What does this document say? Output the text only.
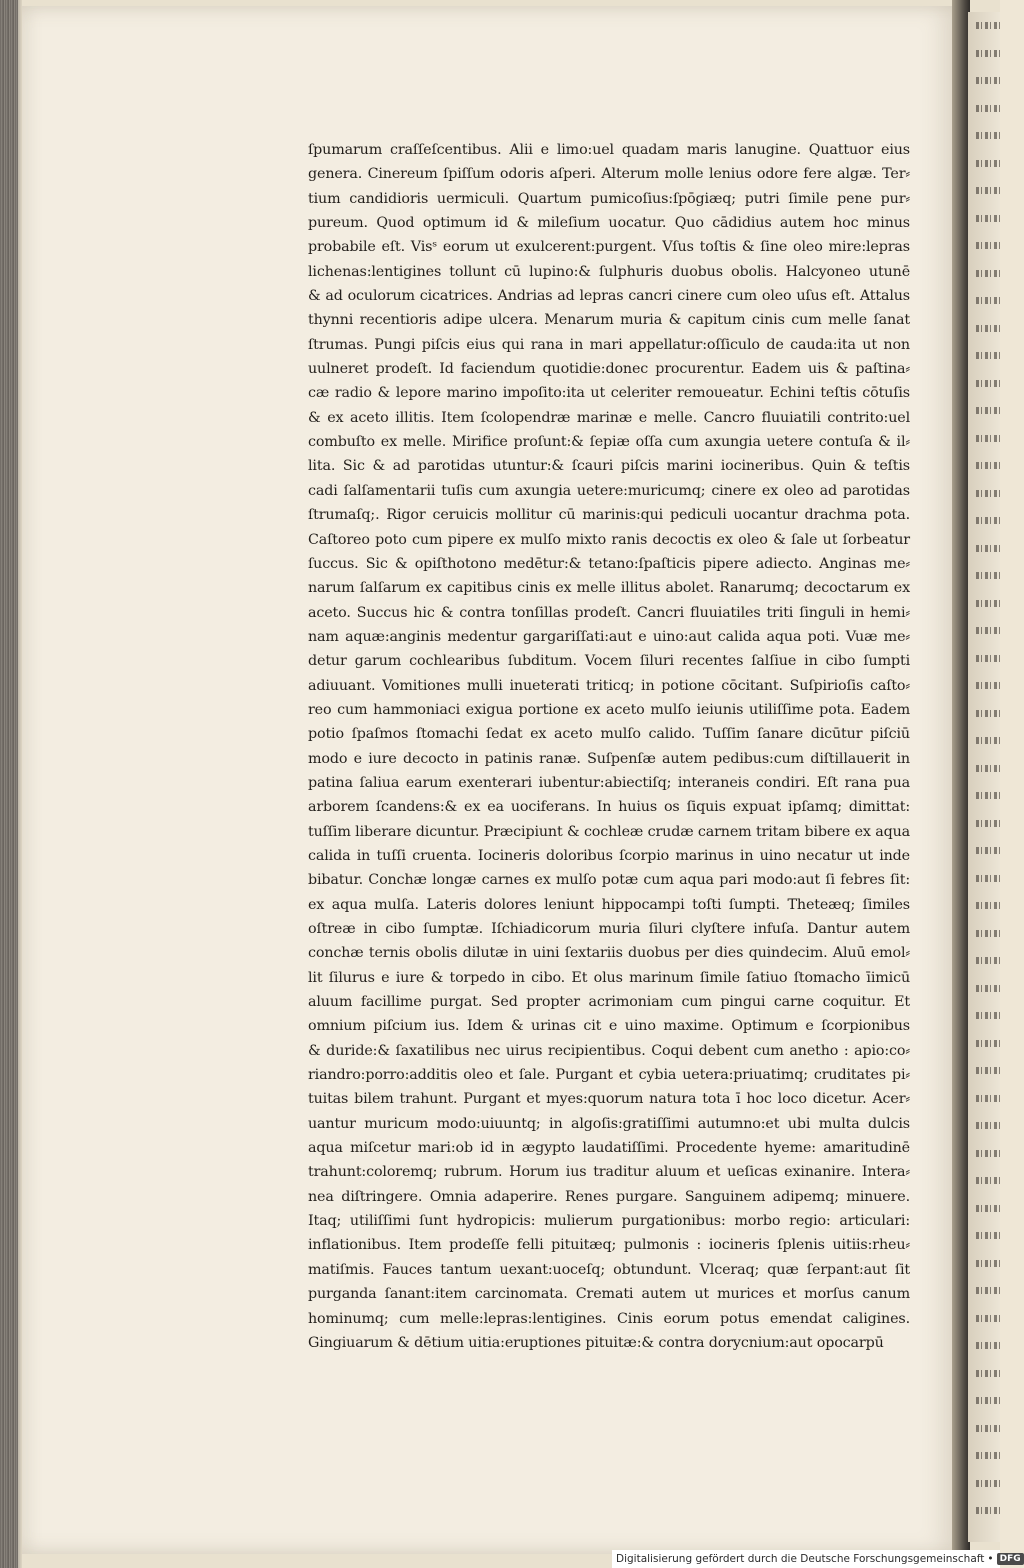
ſpumarum craſſeſcentibus. Alii e limo:uel quadam maris lanugine. Quattuor eius
genera. Cinereum ſpiſſum odoris aſperi. Alterum molle lenius odore fere algæ. Ter⸗
tium candidioris uermiculi. Quartum pumicoſius:ſpōgiæq; putri ſimile pene pur⸗
pureum. Quod optimum id & mileſium uocatur. Quo cādidius autem hoc minus
probabile eſt. Visˢ eorum ut exulcerent:purgent. Vſus toſtis & ſine oleo mire:lepras
lichenas:lentigines tollunt cū lupino:& ſulphuris duobus obolis. Halcyoneo utunē
& ad oculorum cicatrices. Andrias ad lepras cancri cinere cum oleo uſus eſt. Attalus
thynni recentioris adipe ulcera. Menarum muria & capitum cinis cum melle ſanat
ſtrumas. Pungi piſcis eius qui rana in mari appellatur:oſſiculo de cauda:ita ut non
uulneret prodeſt. Id faciendum quotidie:donec procurentur. Eadem uis & paſtina⸗
cæ radio & lepore marino impoſito:ita ut celeriter remoueatur. Echini teſtis cōtuſis
& ex aceto illitis. Item ſcolopendræ marinæ e melle. Cancro fluuiatili contrito:uel
combuſto ex melle. Mirifice proſunt:& ſepiæ oſſa cum axungia uetere contuſa & il⸗
lita. Sic & ad parotidas utuntur:& ſcauri piſcis marini iocineribus. Quin & teſtis
cadi ſalſamentarii tuſis cum axungia uetere:muricumq; cinere ex oleo ad parotidas
ſtrumaſq;. Rigor ceruicis mollitur cū marinis:qui pediculi uocantur drachma pota.
Caſtoreo poto cum pipere ex mulſo mixto ranis decoctis ex oleo & ſale ut ſorbeatur
ſuccus. Sic & opiſthotono medētur:& tetano:ſpaſticis pipere adiecto. Anginas me⸗
narum ſalſarum ex capitibus cinis ex melle illitus abolet. Ranarumq; decoctarum ex
aceto. Succus hic & contra tonſillas prodeſt. Cancri fluuiatiles triti ſinguli in hemi⸗
nam aquæ:anginis medentur gargariſſati:aut e uino:aut calida aqua poti. Vuæ me⸗
detur garum cochlearibus ſubditum. Vocem ſiluri recentes ſalſiue in cibo ſumpti
adiuuant. Vomitiones mulli inueterati triticq; in potione cōcitant. Suſpirioſis caſto⸗
reo cum hammoniaci exigua portione ex aceto mulſo ieiunis utiliſſime pota. Eadem
potio ſpaſmos ſtomachi ſedat ex aceto mulſo calido. Tuſſim ſanare dicūtur piſciū
modo e iure decocto in patinis ranæ. Suſpenſæ autem pedibus:cum diſtillauerit in
patina ſaliua earum exenterari iubentur:abiectiſq; interaneis condiri. Eſt rana pua
arborem ſcandens:& ex ea uociferans. In huius os ſiquis expuat ipſamq; dimittat:
tuſſim liberare dicuntur. Præcipiunt & cochleæ crudæ carnem tritam bibere ex aqua
calida in tuſſi cruenta. Iocineris doloribus ſcorpio marinus in uino necatur ut inde
bibatur. Conchæ longæ carnes ex mulſo potæ cum aqua pari modo:aut ſi febres ſit:
ex aqua mulſa. Lateris dolores leniunt hippocampi toſti ſumpti. Theteæq; ſimiles
oſtreæ in cibo ſumptæ. Iſchiadicorum muria ſiluri clyſtere infuſa. Dantur autem
conchæ ternis obolis dilutæ in uini ſextariis duobus per dies quindecim. Aluū emol⸗
lit ſilurus e iure & torpedo in cibo. Et olus marinum ſimile ſatiuo ſtomacho īimicū
aluum facillime purgat. Sed propter acrimoniam cum pingui carne coquitur. Et
omnium piſcium ius. Idem & urinas cit e uino maxime. Optimum e ſcorpionibus
& duride:& ſaxatilibus nec uirus recipientibus. Coqui debent cum anetho : apio:co⸗
riandro:porro:additis oleo et ſale. Purgant et cybia uetera:priuatimq; cruditates pi⸗
tuitas bilem trahunt. Purgant et myes:quorum natura tota ī hoc loco dicetur. Acer⸗
uantur muricum modo:uiuuntq; in algoſis:gratiſſimi autumno:et ubi multa dulcis
aqua miſcetur mari:ob id in ægypto laudatiſſimi. Procedente hyeme: amaritudinē
trahunt:coloremq; rubrum. Horum ius traditur aluum et ueſicas exinanire. Intera⸗
nea diſtringere. Omnia adaperire. Renes purgare. Sanguinem adipemq; minuere.
Itaq; utiliſſimi ſunt hydropicis: mulierum purgationibus: morbo regio: articulari:
inflationibus. Item prodeſſe felli pituitæq; pulmonis : iocineris ſplenis uitiis:rheu⸗
matiſmis. Fauces tantum uexant:uoceſq; obtundunt. Vlceraq; quæ ſerpant:aut ſit
purganda ſanant:item carcinomata. Cremati autem ut murices et morſus canum
hominumq; cum melle:lepras:lentigines. Cinis eorum potus emendat caligines.
Gingiuarum & dētium uitia:eruptiones pituitæ:& contra dorycnium:aut opocarpū
Digitalisierung gefördert durch die Deutsche Forschungsgemeinschaft • DFG
